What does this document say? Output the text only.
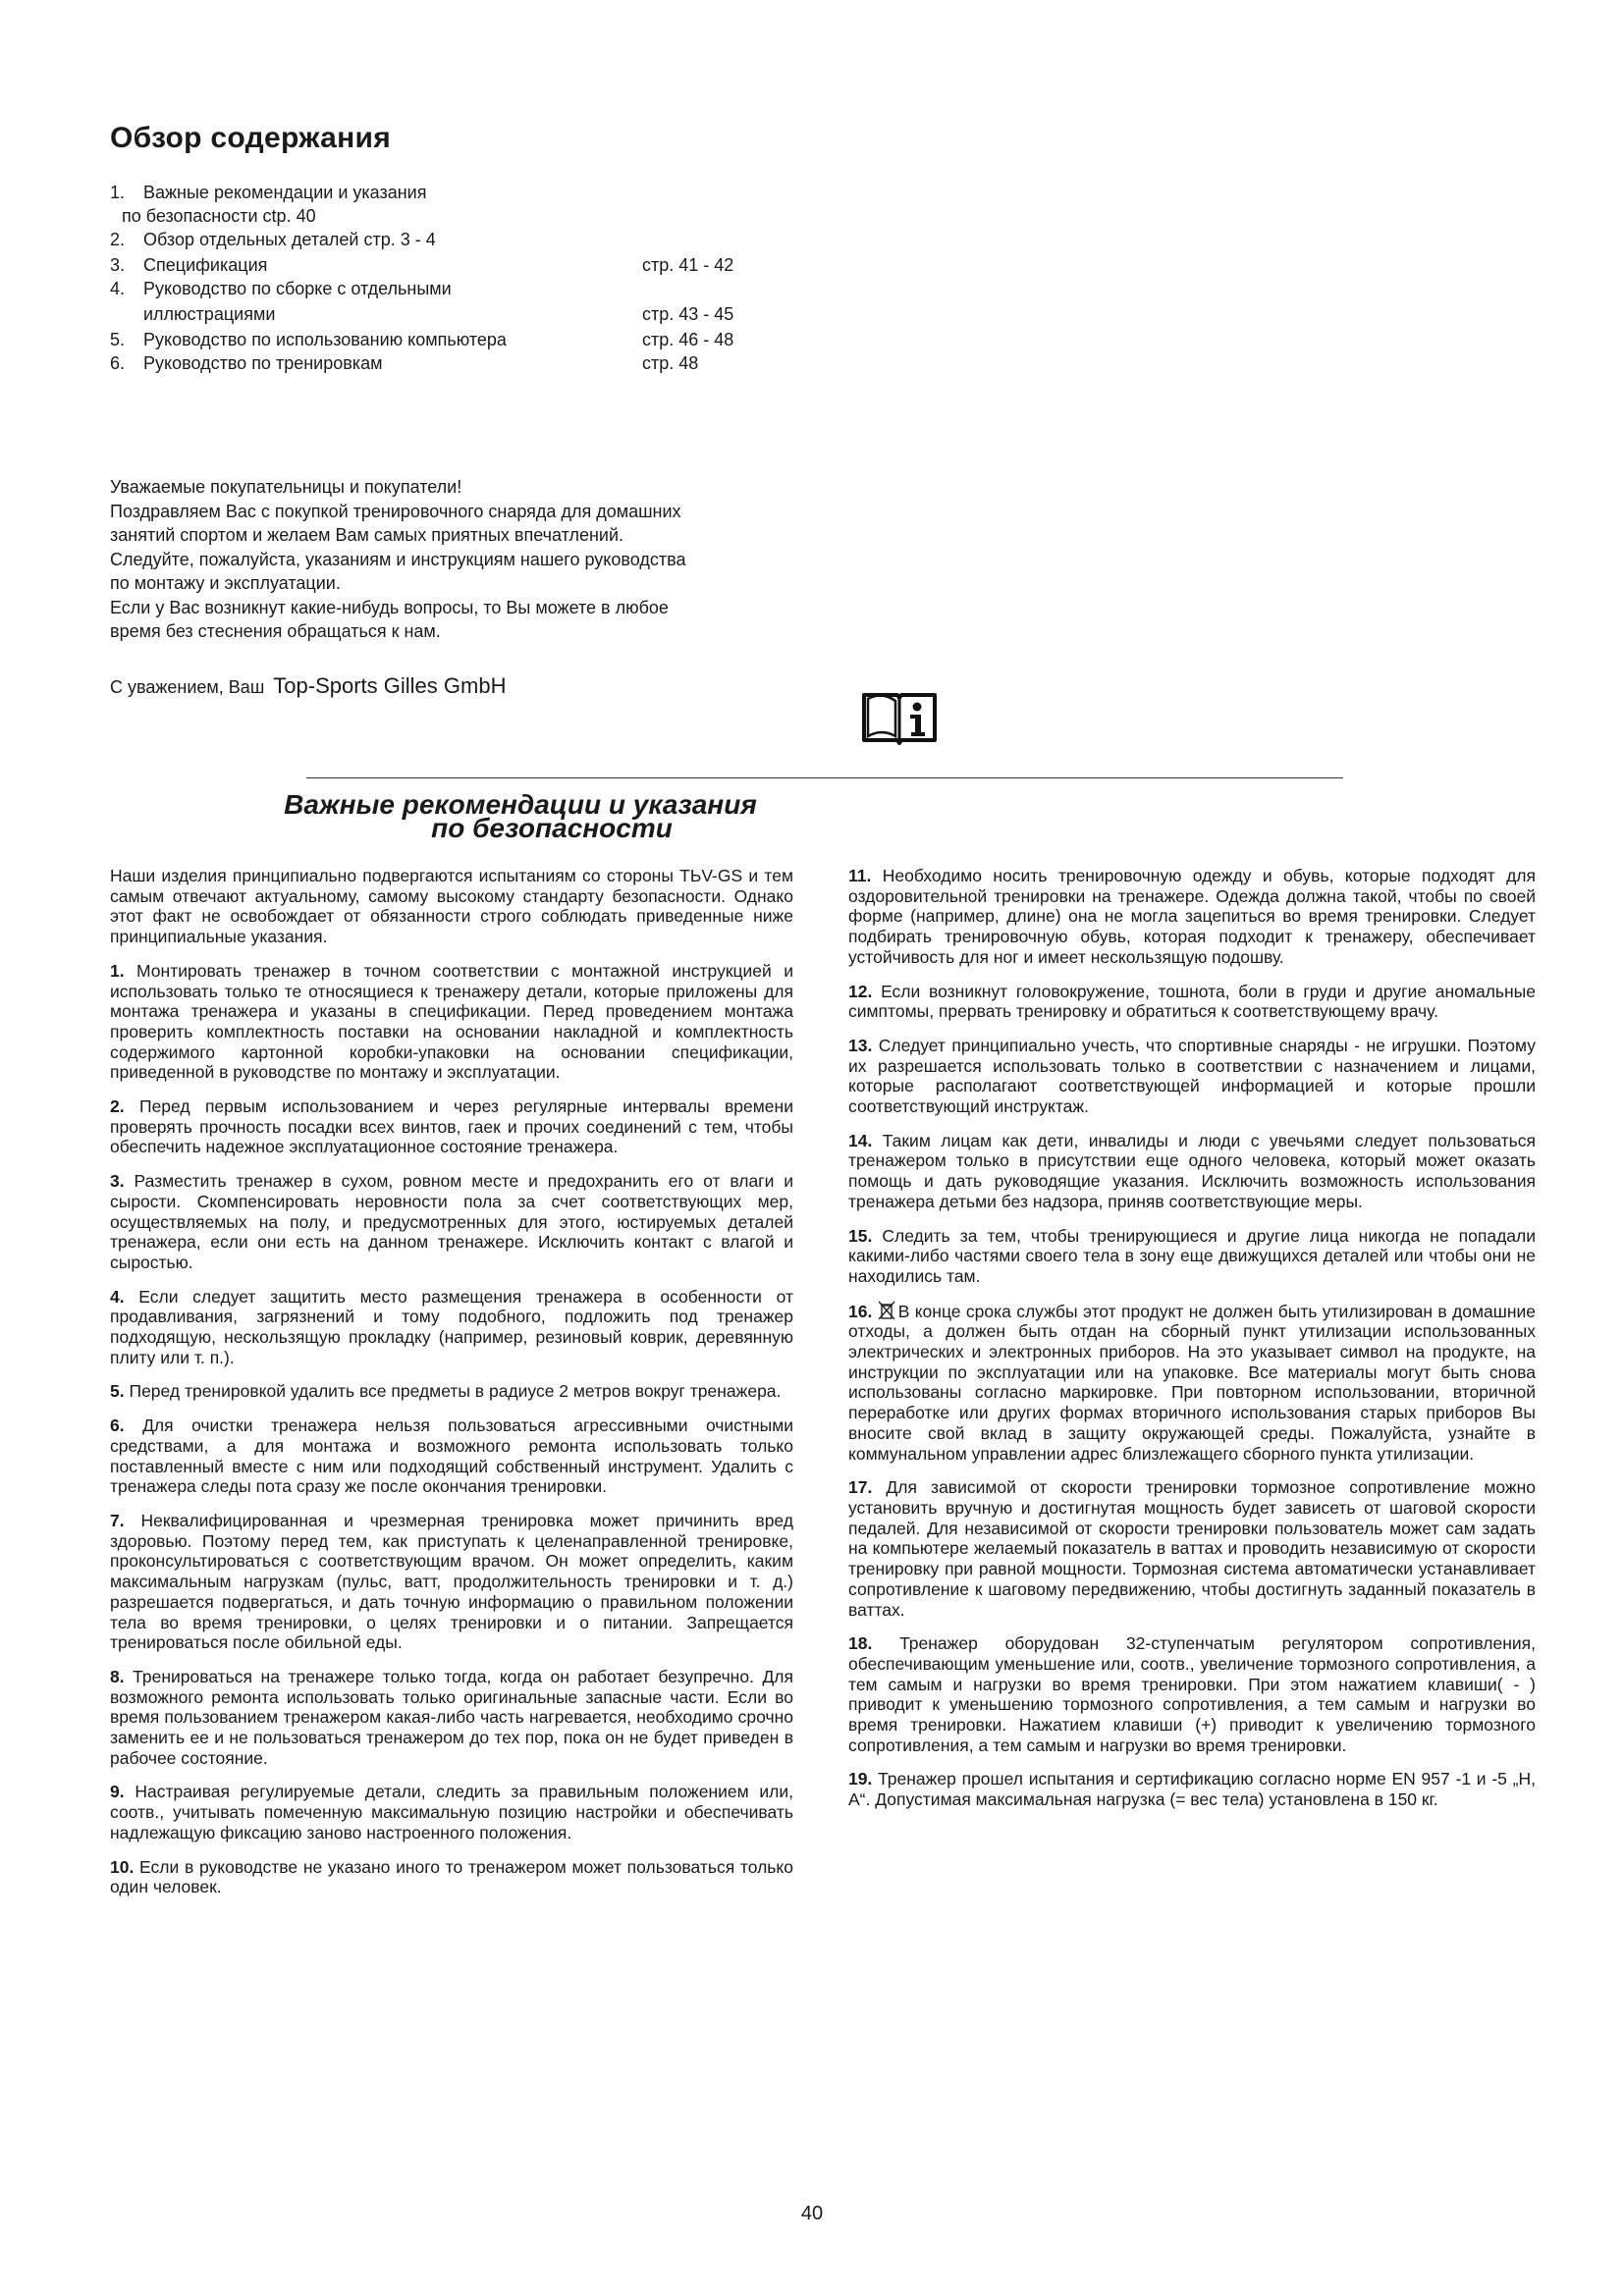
Обзор содержания
1. Важные рекомендации и указания
по безопасности ctp. 40
2. Обзор отдельных деталей стр. 3 - 4
3. Спецификация	стр. 41 - 42
4. Руководство по сборке с отдельными
иллюстрациями	стр. 43 - 45
5. Руководство по использованию компьютера	стр. 46 - 48
6. Руководство по тренировкам	стр. 48
Уважаемые покупательницы и покупатели!
Поздравляем Вас с покупкой тренировочного снаряда для домашних
занятий спортом и желаем Вам самых приятных впечатлений.
Следуйте, пожалуйста, указаниям и инструкциям нашего руководства
по монтажу и эксплуатации.
Если у Вас возникнут какие-нибудь вопросы, то Вы можете в любое
время без стеснения обращаться к нам.
С уважением, Ваш Top-Sports Gilles GmbH
Важные рекомендации и указания
по безопасности

Наши изделия принципиально подвергаются испытаниям со стороны TЬV-GS и тем самым отвечают актуальному, самому высокому стандарту безопасности. Однако этот факт не освобождает от обязанности строго соблюдать приведенные ниже принципиальные указания.

1. Монтировать тренажер в точном соответствии с монтажной инструкцией и использовать только те относящиеся к тренажеру детали, которые приложены для монтажа тренажера и указаны в спецификации. Перед проведением монтажа проверить комплектность поставки на основании накладной и комплектность содержимого картонной коробки-упаковки на основании спецификации, приведенной в руководстве по монтажу и эксплуатации.

2. Перед первым использованием и через регулярные интервалы времени проверять прочность посадки всех винтов, гаек и прочих соединений с тем, чтобы обеспечить надежное эксплуатационное состояние тренажера.

3. Разместить тренажер в сухом, ровном месте и предохранить его от влаги и сырости. Скомпенсировать неровности пола за счет соответствующих мер, осуществляемых на полу, и предусмотренных для этого, юстируемых деталей тренажера, если они есть на данном тренажере. Исключить контакт с влагой и сыростью.

4. Если следует защитить место размещения тренажера в особенности от продавливания, загрязнений и тому подобного, подложить под тренажер подходящую, нескользящую прокладку (например, резиновый коврик, деревянную плиту или т. п.).

5. Перед тренировкой удалить все предметы в радиусе 2 метров вокруг тренажера.

6. Для очистки тренажера нельзя пользоваться агрессивными очистными средствами, а для монтажа и возможного ремонта использовать только поставленный вместе с ним или подходящий собственный инструмент. Удалить с тренажера следы пота сразу же после окончания тренировки.

7. Неквалифицированная и чрезмерная тренировка может причинить вред здоровью. Поэтому перед тем, как приступать к целенаправленной тренировке, проконсультироваться с соответствующим врачом. Он может определить, каким максимальным нагрузкам (пульс, ватт, продолжительность тренировки и т. д.) разрешается подвергаться, и дать точную информацию о правильном положении тела во время тренировки, о целях тренировки и о питании. Запрещается тренироваться после обильной еды.

8. Тренироваться на тренажере только тогда, когда он работает безупречно. Для возможного ремонта использовать только оригинальные запасные части. Если во время пользованием тренажером какая-либо часть нагревается, необходимо срочно заменить ее и не пользоваться тренажером до тех пор, пока он не будет приведен в рабочее состояние.

9. Настраивая регулируемые детали, следить за правильным положением или, соотв., учитывать помеченную максимальную позицию настройки и обеспечивать надлежащую фиксацию заново настроенного положения.

10. Если в руководстве не указано иного то тренажером может пользоваться только один человек.

11. Необходимо носить тренировочную одежду и обувь, которые подходят для оздоровительной тренировки на тренажере. Одежда должна такой, чтобы по своей форме (например, длине) она не могла зацепиться во время тренировки. Следует подбирать тренировочную обувь, которая подходит к тренажеру, обеспечивает устойчивость для ног и имеет нескользящую подошву.

12. Если возникнут головокружение, тошнота, боли в груди и другие аномальные симптомы, прервать тренировку и обратиться к соответствующему врачу.

13. Следует принципиально учесть, что спортивные снаряды - не игрушки. Поэтому их разрешается использовать только в соответствии с назначением и лицами, которые располагают соответствующей информацией и которые прошли соответствующий инструктаж.

14. Таким лицам как дети, инвалиды и люди с увечьями следует пользоваться тренажером только в присутствии еще одного человека, который может оказать помощь и дать руководящие указания. Исключить возможность использования тренажера детьми без надзора, приняв соответствующие меры.

15. Следить за тем, чтобы тренирующиеся и другие лица никогда не попадали какими-либо частями своего тела в зону еще движущихся деталей или чтобы они не находились там.

16. В конце срока службы этот продукт не должен быть утилизирован в домашние отходы, а должен быть отдан на сборный пункт утилизации использованных электрических и электронных приборов. На это указывает символ на продукте, на инструкции по эксплуатации или на упаковке. Все материалы могут быть снова использованы согласно маркировке. При повторном использовании, вторичной переработке или других формах вторичного использования старых приборов Вы вносите свой вклад в защиту окружающей среды. Пожалуйста, узнайте в коммунальном управлении адрес близлежащего сборного пункта утилизации.

17. Для зависимой от скорости тренировки тормозное сопротивление можно установить вручную и достигнутая мощность будет зависеть от шаговой скорости педалей. Для независимой от скорости тренировки пользователь может сам задать на компьютере желаемый показатель в ваттах и проводить независимую от скорости тренировку при равной мощности. Тормозная система автоматически устанавливает сопротивление к шаговому передвижению, чтобы достигнуть заданный показатель в ваттах.

18. Тренажер оборудован 32-ступенчатым регулятором сопротивления, обеспечивающим уменьшение или, соотв., увеличение тормозного сопротивления, а тем самым и нагрузки во время тренировки. При этом нажатием клавиши( - ) приводит к уменьшению тормозного сопротивления, а тем самым и нагрузки во время тренировки. Нажатием клавиши (+) приводит к увеличению тормозного сопротивления, а тем самым и нагрузки во время тренировки.

19. Тренажер прошел испытания и сертификацию согласно норме EN 957 -1 и -5 „H, A“. Допустимая максимальная нагрузка (= вес тела) установлена в 150 кг.

40
